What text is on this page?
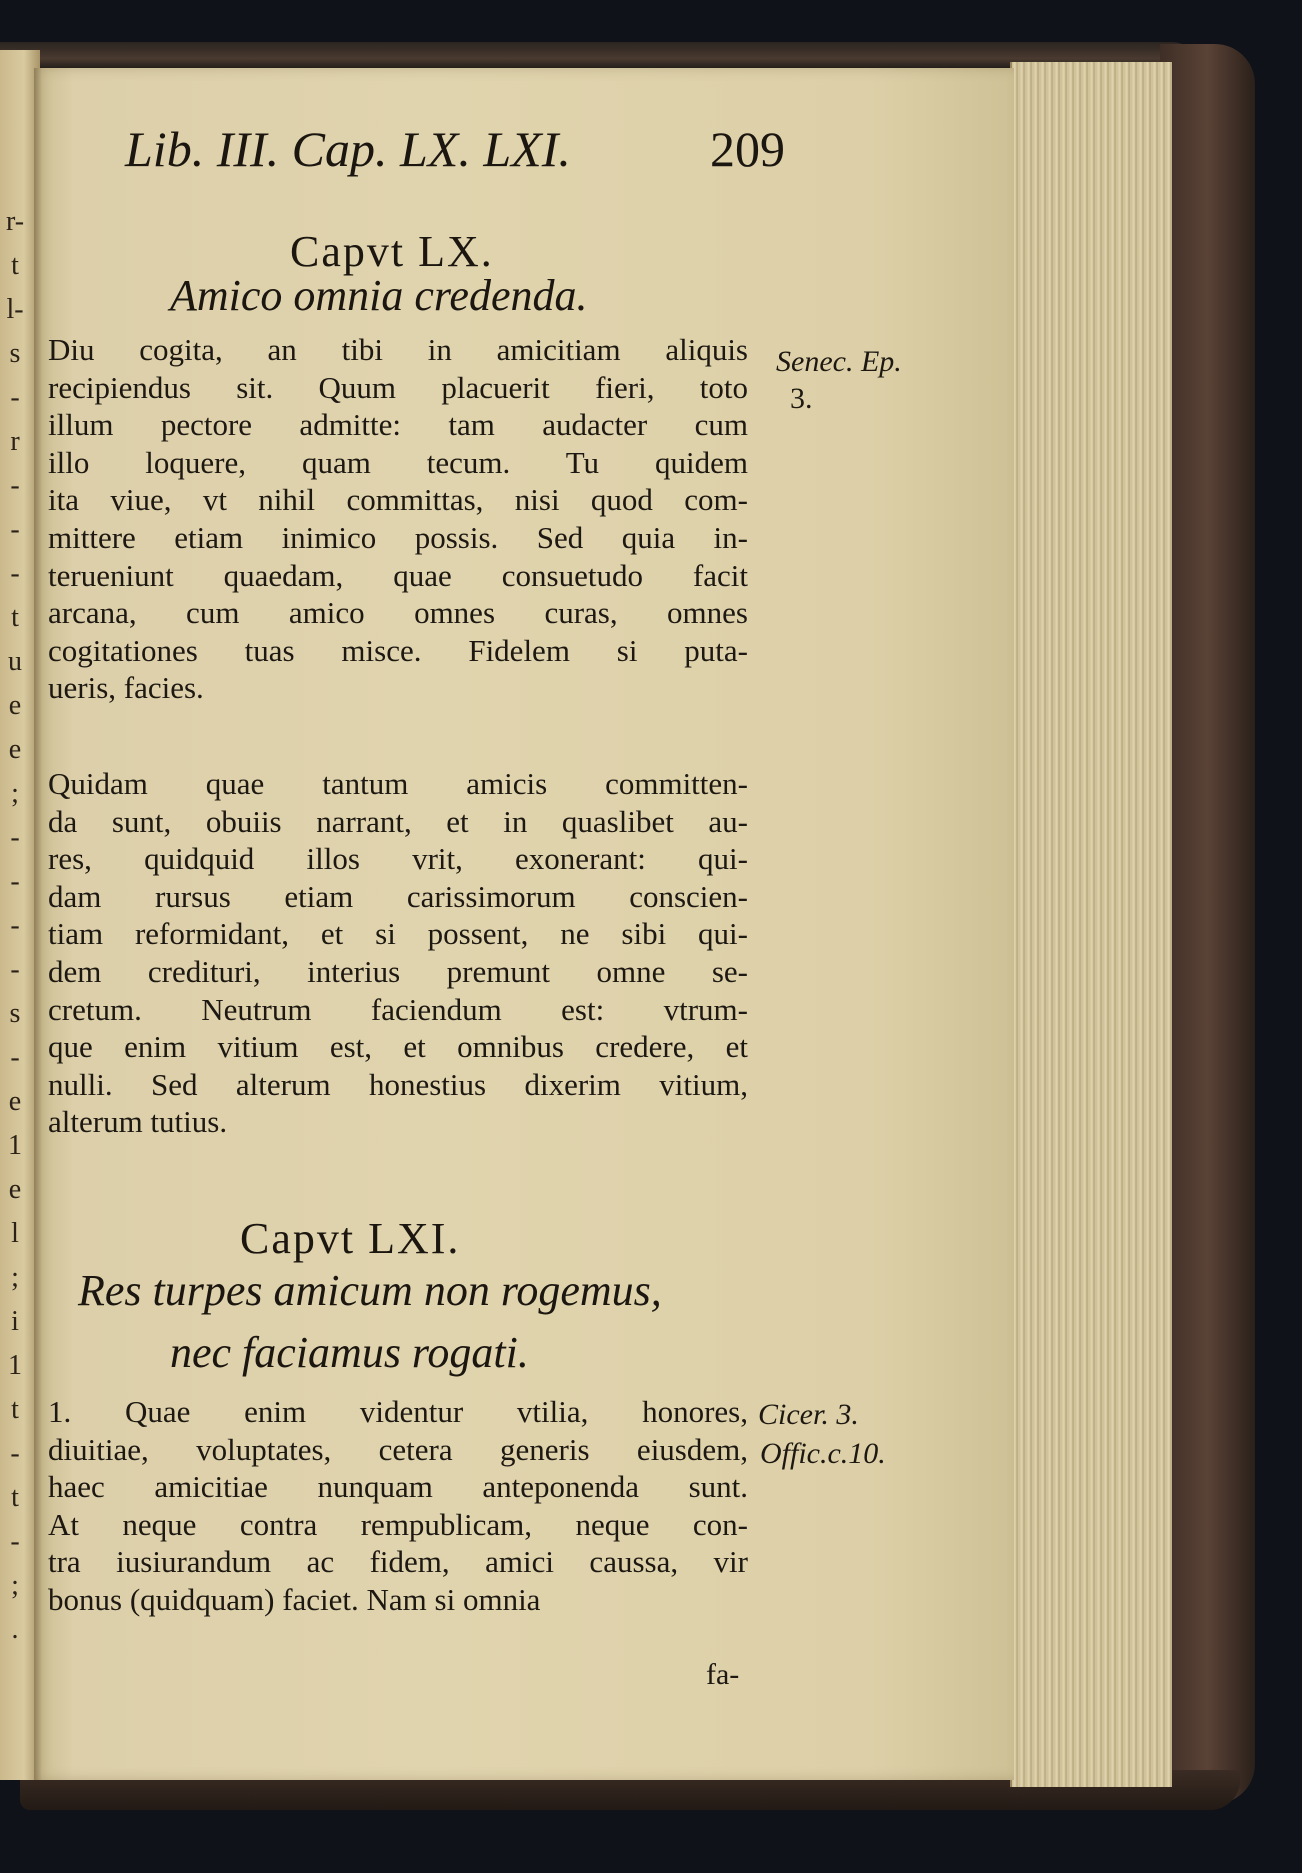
r-
t
l-
s
-
r
-
-
-
t
u
e
e
;
-
-
-
-
s
-
e
1
e
l
;
i
1
t
-
t
-
;
.
Lib. III. Cap. LX. LXI.	209
Capvt LX.
Amico omnia credenda.
Diu cogita, an tibi in amicitiam aliquis
recipiendus sit. Quum placuerit fieri, toto
illum pectore admitte: tam audacter cum
illo loquere, quam tecum. Tu quidem
ita viue, vt nihil committas, nisi quod com-
mittere etiam inimico possis. Sed quia in-
terueniunt quaedam, quae consuetudo facit
arcana, cum amico omnes curas, omnes
cogitationes tuas misce. Fidelem si puta-
ueris, facies.
Quidam quae tantum amicis committen-
da sunt, obuiis narrant, et in quaslibet au-
res, quidquid illos vrit, exonerant: qui-
dam rursus etiam carissimorum conscien-
tiam reformidant, et si possent, ne sibi qui-
dem credituri, interius premunt omne se-
cretum. Neutrum faciendum est: vtrum-
que enim vitium est, et omnibus credere, et
nulli. Sed alterum honestius dixerim vitium,
alterum tutius.
Senec. Ep.
3.
Capvt LXI.
Res turpes amicum non rogemus,
nec faciamus rogati.
1. Quae enim videntur vtilia, honores,
diuitiae, voluptates, cetera generis eiusdem,
haec amicitiae nunquam anteponenda sunt.
At neque contra rempublicam, neque con-
tra iusiurandum ac fidem, amici caussa, vir
bonus (quidquam) faciet. Nam si omnia
Cicer. 3.
Offic.c.10.
fa-
